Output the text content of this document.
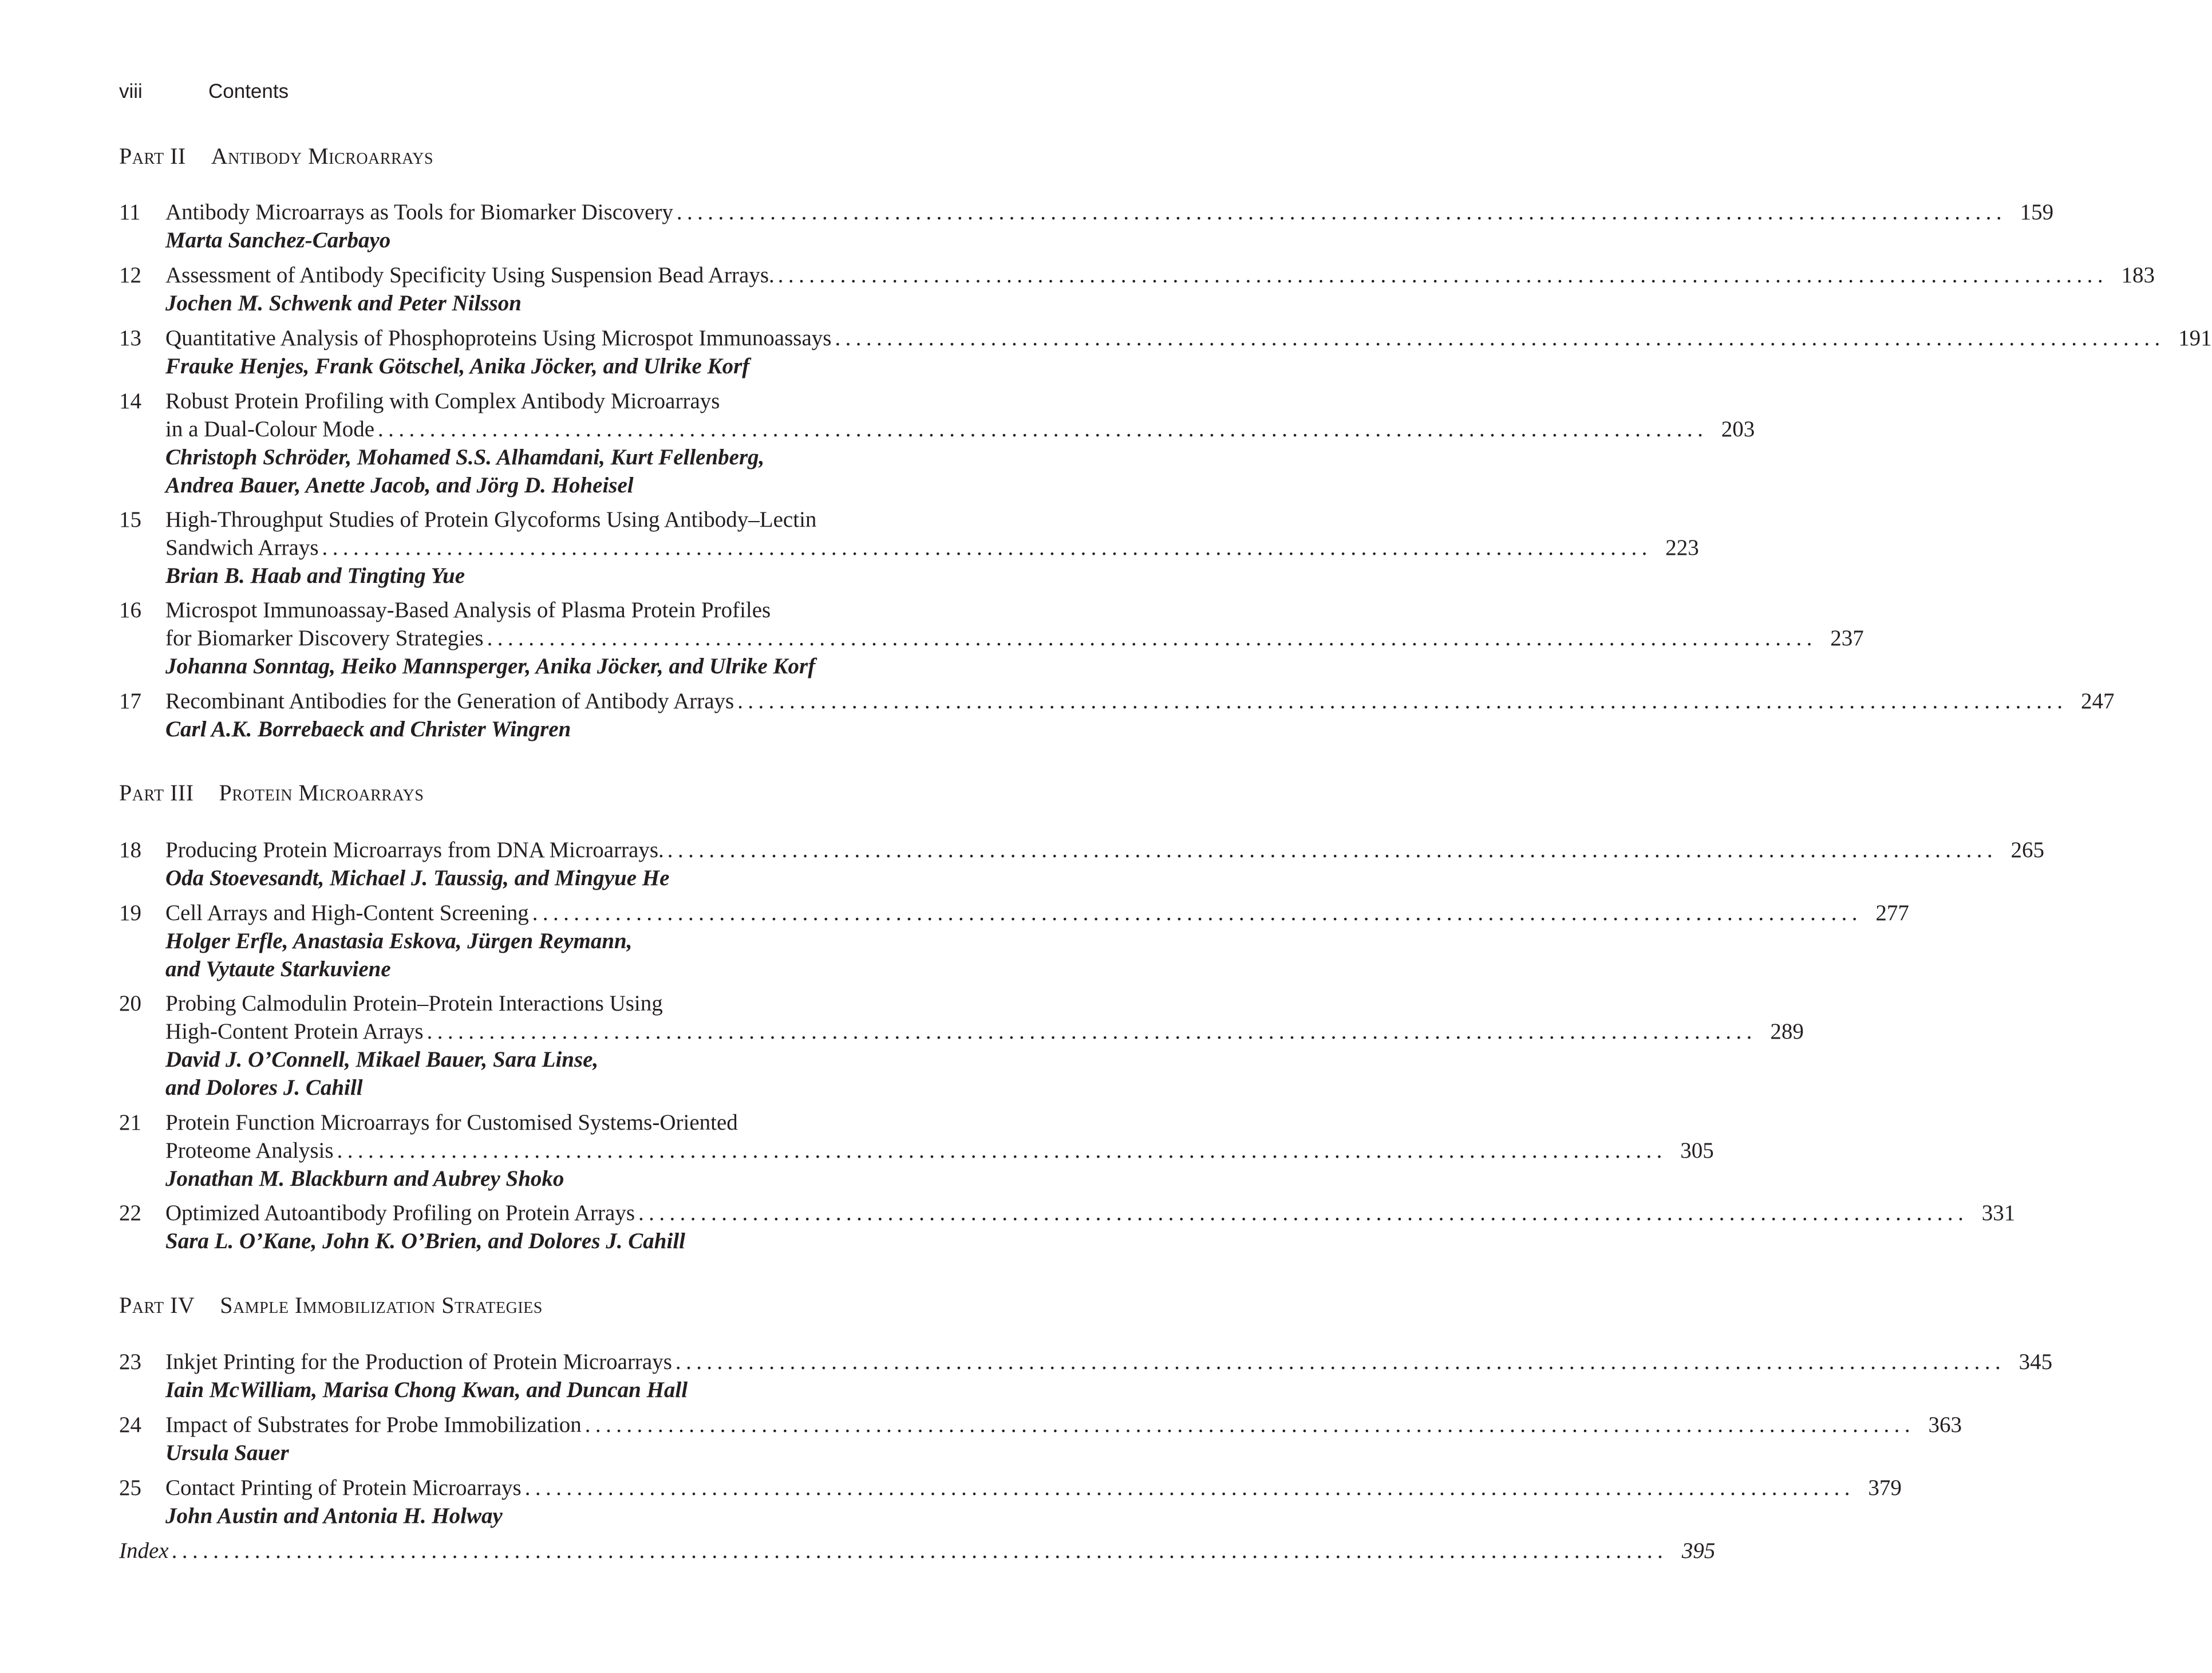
viii	Contents
Part II Antibody Microarrays
11	Antibody Microarrays as Tools for Biomarker Discovery ................................................................................................................................ 159
Marta Sanchez-Carbayo
12	Assessment of Antibody Specificity Using Suspension Bead Arrays. ................................................................................................................................ 183
Jochen M. Schwenk and Peter Nilsson
13	Quantitative Analysis of Phosphoproteins Using Microspot Immunoassays ................................................................................................................................ 191
Frauke Henjes, Frank Götschel, Anika Jöcker, and Ulrike Korf
14	Robust Protein Profiling with Complex Antibody Microarrays
in a Dual-Colour Mode ................................................................................................................................ 203
Christoph Schröder, Mohamed S.S. Alhamdani, Kurt Fellenberg,
Andrea Bauer, Anette Jacob, and Jörg D. Hoheisel
15	High-Throughput Studies of Protein Glycoforms Using Antibody–Lectin
Sandwich Arrays ................................................................................................................................ 223
Brian B. Haab and Tingting Yue
16	Microspot Immunoassay-Based Analysis of Plasma Protein Profiles
for Biomarker Discovery Strategies ................................................................................................................................ 237
Johanna Sonntag, Heiko Mannsperger, Anika Jöcker, and Ulrike Korf
17	Recombinant Antibodies for the Generation of Antibody Arrays ................................................................................................................................ 247
Carl A.K. Borrebaeck and Christer Wingren
Part III Protein Microarrays
18	Producing Protein Microarrays from DNA Microarrays. ................................................................................................................................ 265
Oda Stoevesandt, Michael J. Taussig, and Mingyue He
19	Cell Arrays and High-Content Screening ................................................................................................................................ 277
Holger Erfle, Anastasia Eskova, Jürgen Reymann,
and Vytaute Starkuviene
20	Probing Calmodulin Protein–Protein Interactions Using
High-Content Protein Arrays ................................................................................................................................ 289
David J. O’Connell, Mikael Bauer, Sara Linse,
and Dolores J. Cahill
21	Protein Function Microarrays for Customised Systems-Oriented
Proteome Analysis ................................................................................................................................ 305
Jonathan M. Blackburn and Aubrey Shoko
22	Optimized Autoantibody Profiling on Protein Arrays ................................................................................................................................ 331
Sara L. O’Kane, John K. O’Brien, and Dolores J. Cahill
Part IV Sample Immobilization Strategies
23	Inkjet Printing for the Production of Protein Microarrays ................................................................................................................................ 345
Iain McWilliam, Marisa Chong Kwan, and Duncan Hall
24	Impact of Substrates for Probe Immobilization ................................................................................................................................ 363
Ursula Sauer
25	Contact Printing of Protein Microarrays ................................................................................................................................ 379
John Austin and Antonia H. Holway
Index ................................................................................................................................................ 395
